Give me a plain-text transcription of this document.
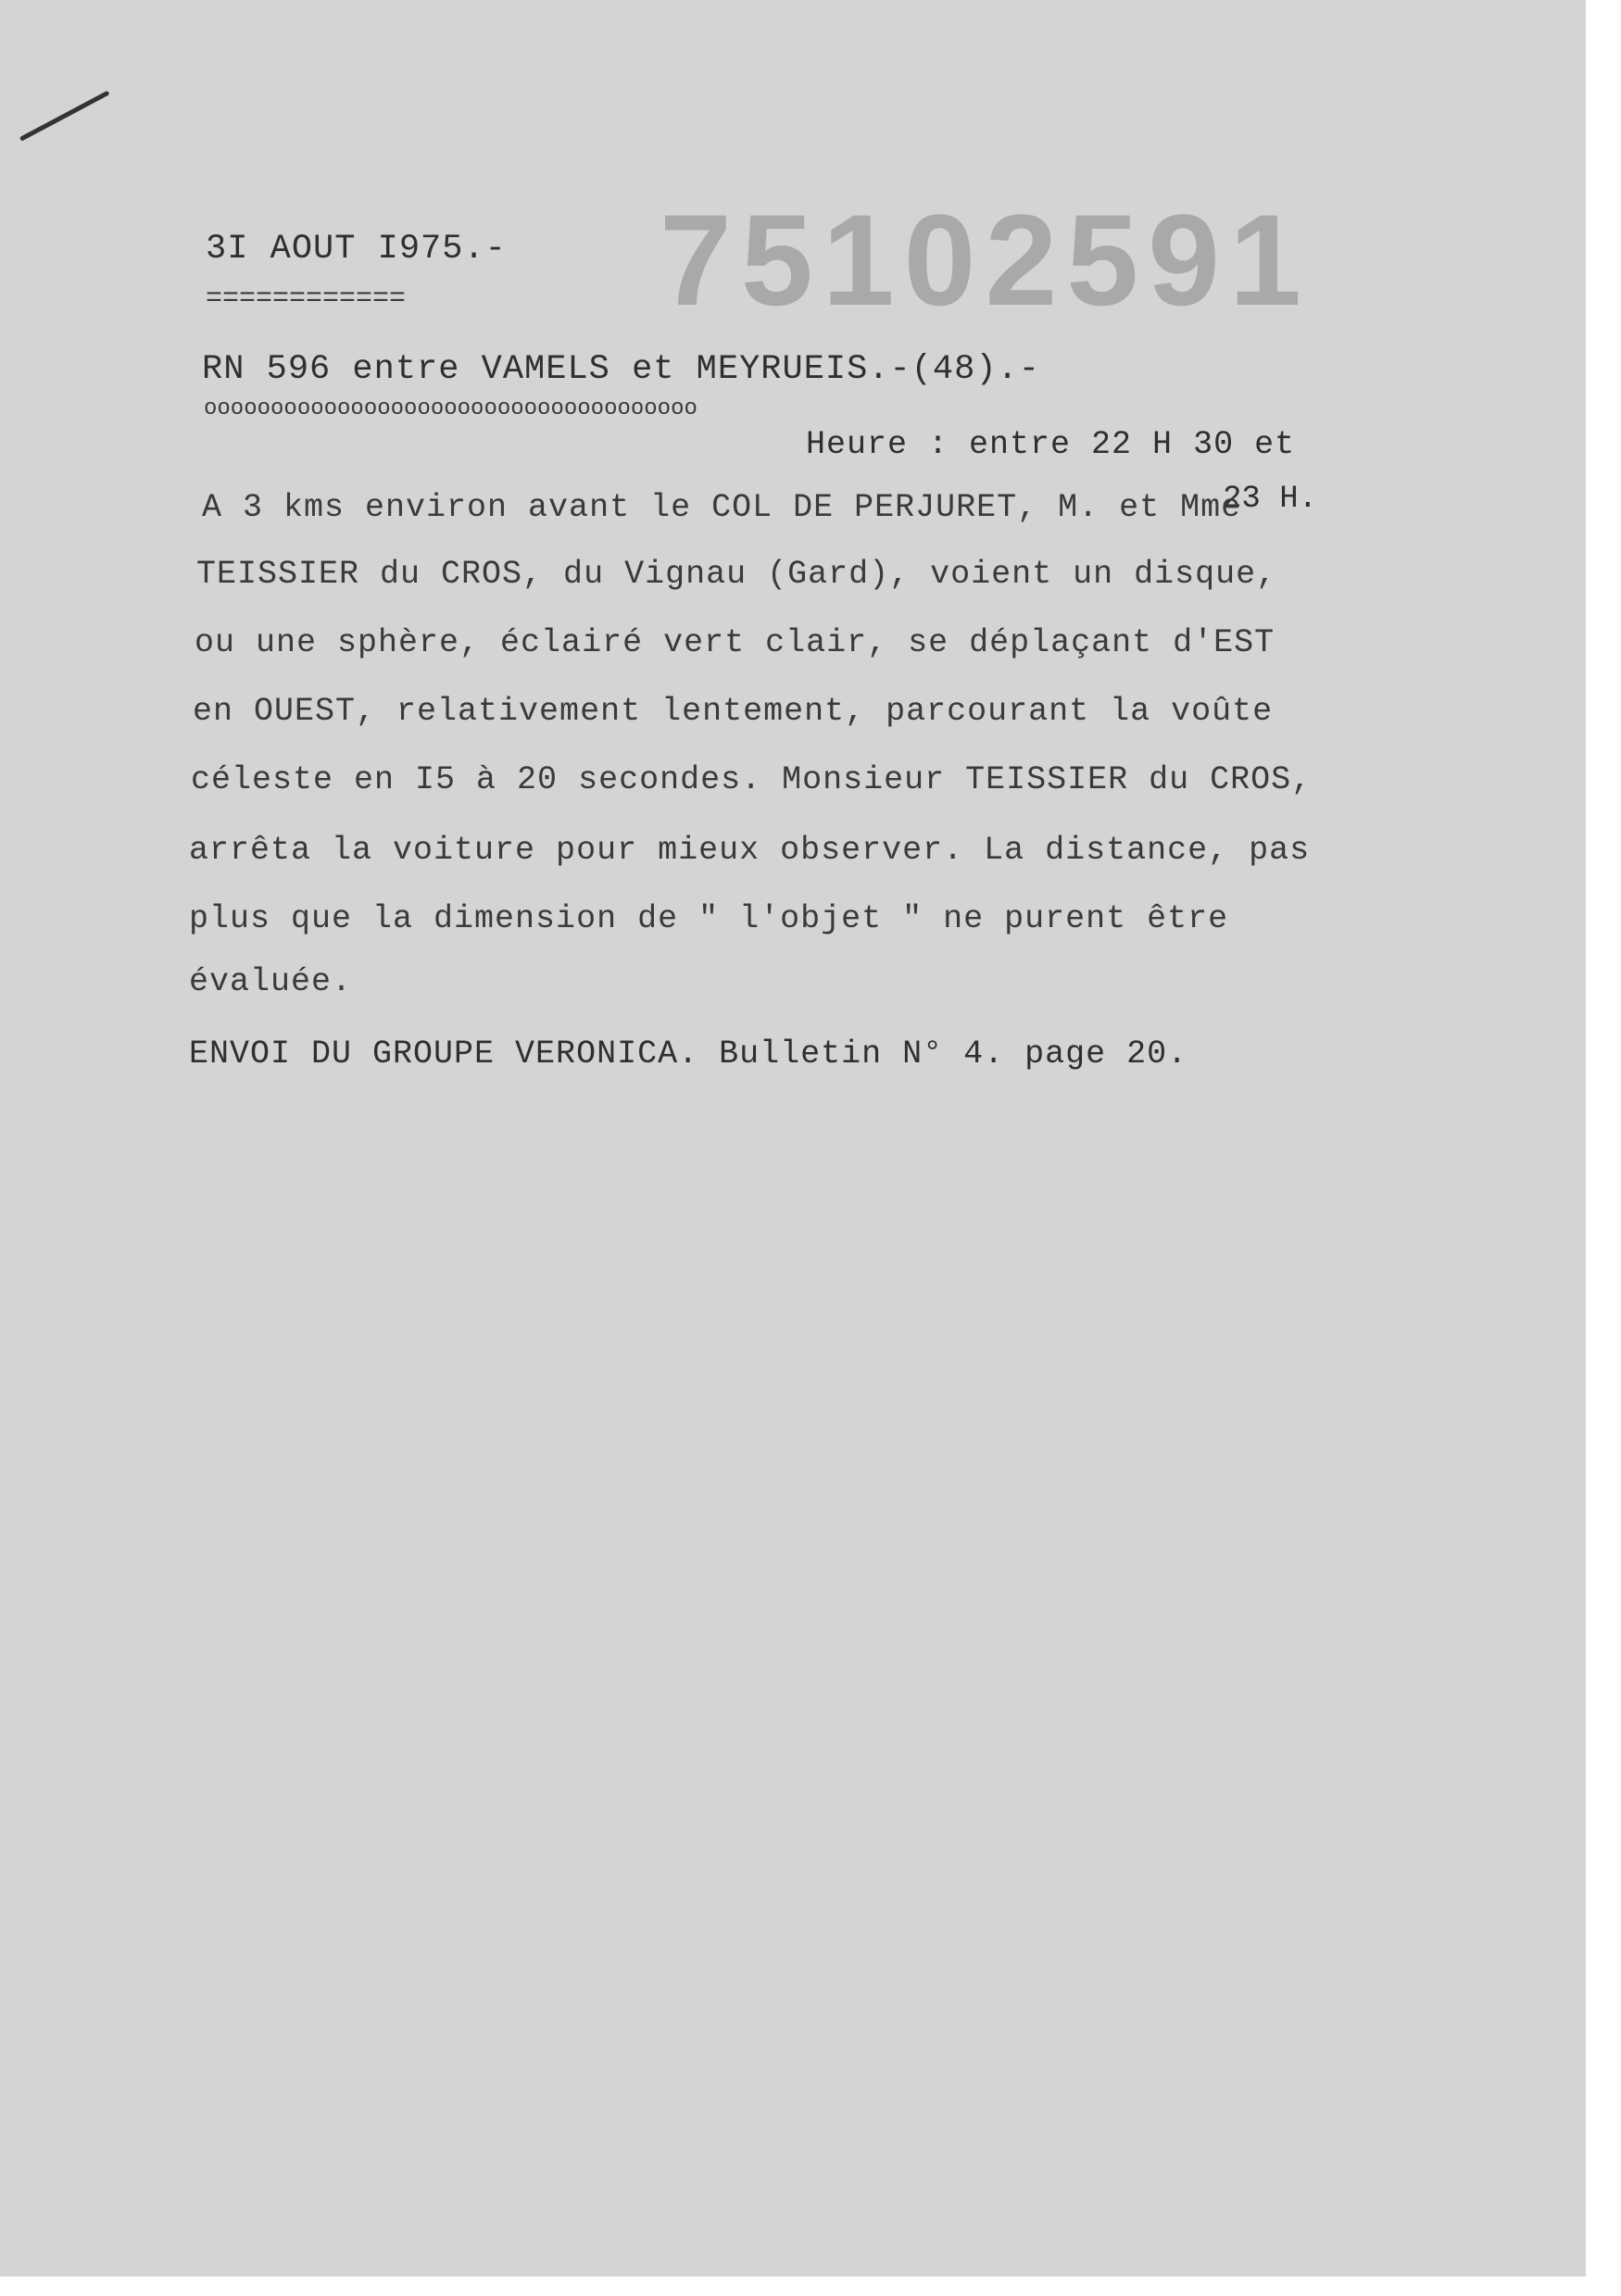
3I AOUT I975.-
============ 75102591
RN 596 entre VAMELS et MEYRUEIS.-(48).-
ooooooooooooooooooooooooooooooooooooo
Heure : entre 22 H 30 et
23 H.
A 3 kms environ avant le COL DE PERJURET, M. et Mme
TEISSIER du CROS, du Vignau (Gard), voient un disque,
ou une sphère, éclairé vert clair, se déplaçant d'EST
en OUEST, relativement lentement, parcourant la voûte
céleste en I5 à 20 secondes. Monsieur TEISSIER du CROS,
arrêta la voiture pour mieux observer. La distance, pas
plus que la dimension de " l'objet " ne purent être
évaluée.
ENVOI DU GROUPE VERONICA. Bulletin N° 4. page 20.
